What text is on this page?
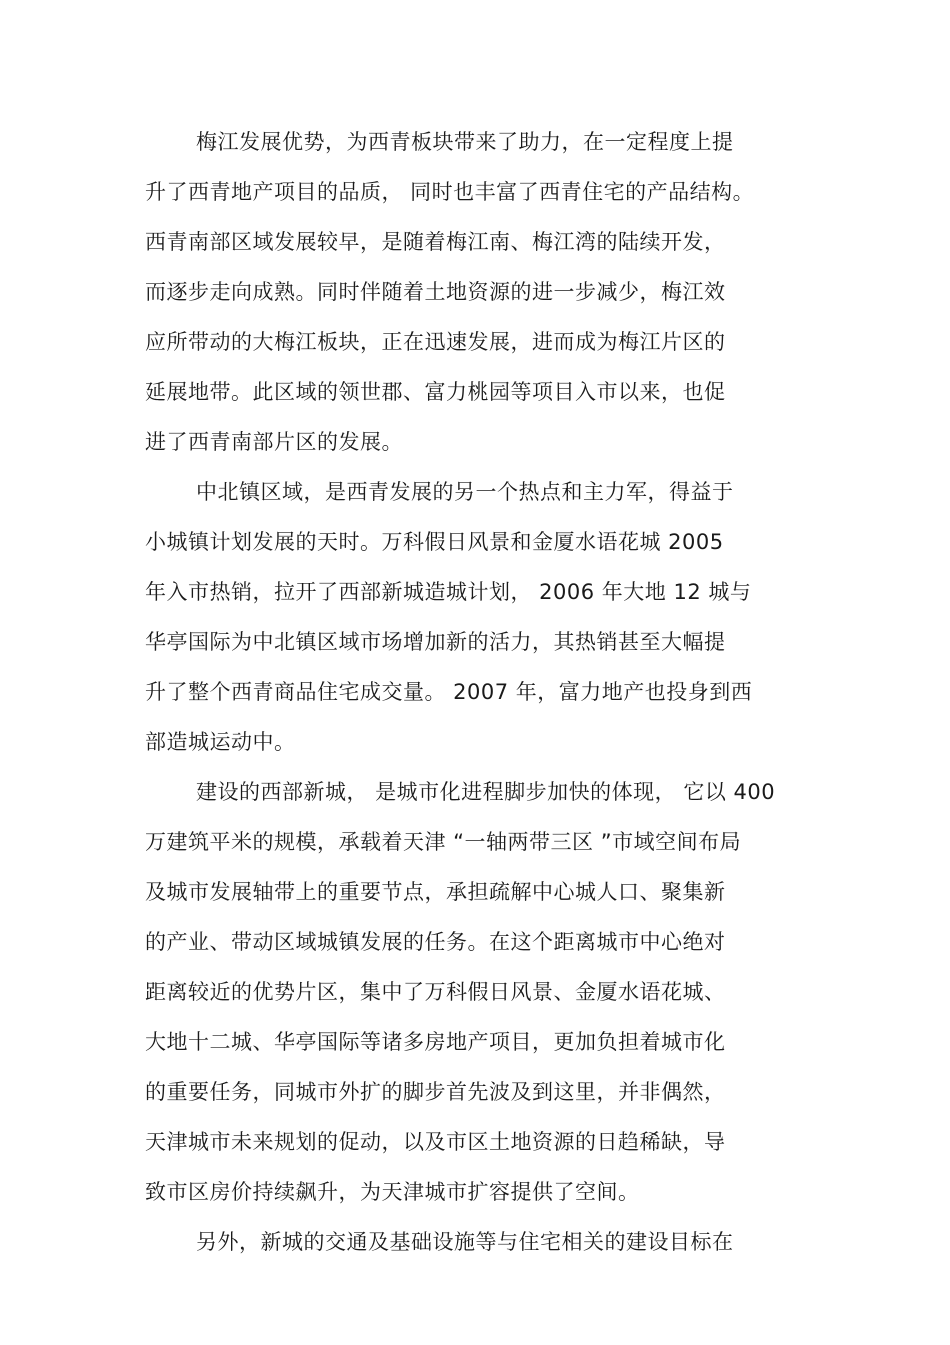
梅江发展优势，为西青板块带来了助力，在一定程度上提
升了西青地产项目的品质， 同时也丰富了西青住宅的产品结构。
西青南部区域发展较早，是随着梅江南、梅江湾的陆续开发，
而逐步走向成熟。同时伴随着土地资源的进一步减少，梅江效
应所带动的大梅江板块，正在迅速发展，进而成为梅江片区的
延展地带。此区域的领世郡、富力桃园等项目入市以来，也促
进了西青南部片区的发展。
中北镇区域，是西青发展的另一个热点和主力军，得益于
小城镇计划发展的天时。万科假日风景和金厦水语花城 2005
年入市热销，拉开了西部新城造城计划， 2006 年大地 12 城与
华亭国际为中北镇区域市场增加新的活力，其热销甚至大幅提
升了整个西青商品住宅成交量。 2007 年，富力地产也投身到西
部造城运动中。
建设的西部新城， 是城市化进程脚步加快的体现， 它以 400
万建筑平米的规模，承载着天津 “一轴两带三区 ”市域空间布局
及城市发展轴带上的重要节点，承担疏解中心城人口、聚集新
的产业、带动区域城镇发展的任务。在这个距离城市中心绝对
距离较近的优势片区，集中了万科假日风景、金厦水语花城、
大地十二城、华亭国际等诸多房地产项目，更加负担着城市化
的重要任务，同城市外扩的脚步首先波及到这里，并非偶然，
天津城市未来规划的促动，以及市区土地资源的日趋稀缺，导
致市区房价持续飙升，为天津城市扩容提供了空间。
另外，新城的交通及基础设施等与住宅相关的建设目标在
